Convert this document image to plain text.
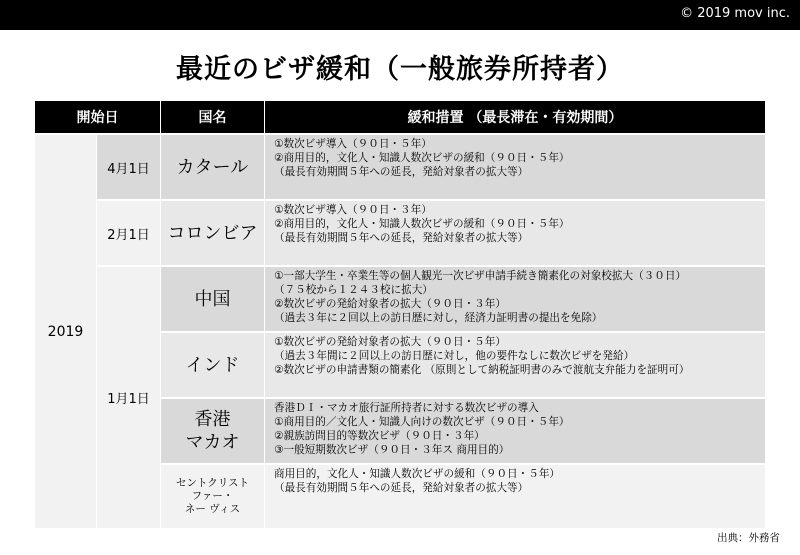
© 2019 mov inc.
最近のビザ緩和（一般旅券所持者）
開始日	国名	緩和措置 （最長滞在・有効期間）
2019
4月1日
2月1日
1月1日
カタール
①数次ビザ導入（９０日・５年）
②商用目的，文化人・知識人数次ビザの緩和（９０日・５年）
（最長有効期間５年への延長，発給対象者の拡大等）
コロンビア
①数次ビザ導入（９０日・３年）
②商用目的，文化人・知識人数次ビザの緩和（９０日・５年）
（最長有効期間５年への延長，発給対象者の拡大等）
中国
①一部大学生・卒業生等の個人観光一次ビザ申請手続き簡素化の対象校拡大（３０日）
（７５校から１２４３校に拡大）
②数次ビザの発給対象者の拡大（９０日・３年）
（過去３年に２回以上の訪日歴に対し，経済力証明書の提出を免除）
インド
①数次ビザの発給対象者の拡大（９０日・５年）
（過去３年間に２回以上の訪日歴に対し，他の要件なしに数次ビザを発給）
②数次ビザの申請書類の簡素化 （原則として納税証明書のみで渡航支弁能力を証明可）
香港
マカオ
香港ＤＩ・マカオ旅行証所持者に対する数次ビザの導入
①商用目的／文化人・知識人向けの数次ビザ（９０日・５年）
②親族訪問目的等数次ビザ（９０日・３年）
③一般短期数次ビザ（９０日・３年ス 商用目的）
セントクリスト
ファー・
ネー ヴィス
商用目的，文化人・知識人数次ビザの緩和（９０日・５年）
（最長有効期間５年への延長，発給対象者の拡大等）
出典：外務省
